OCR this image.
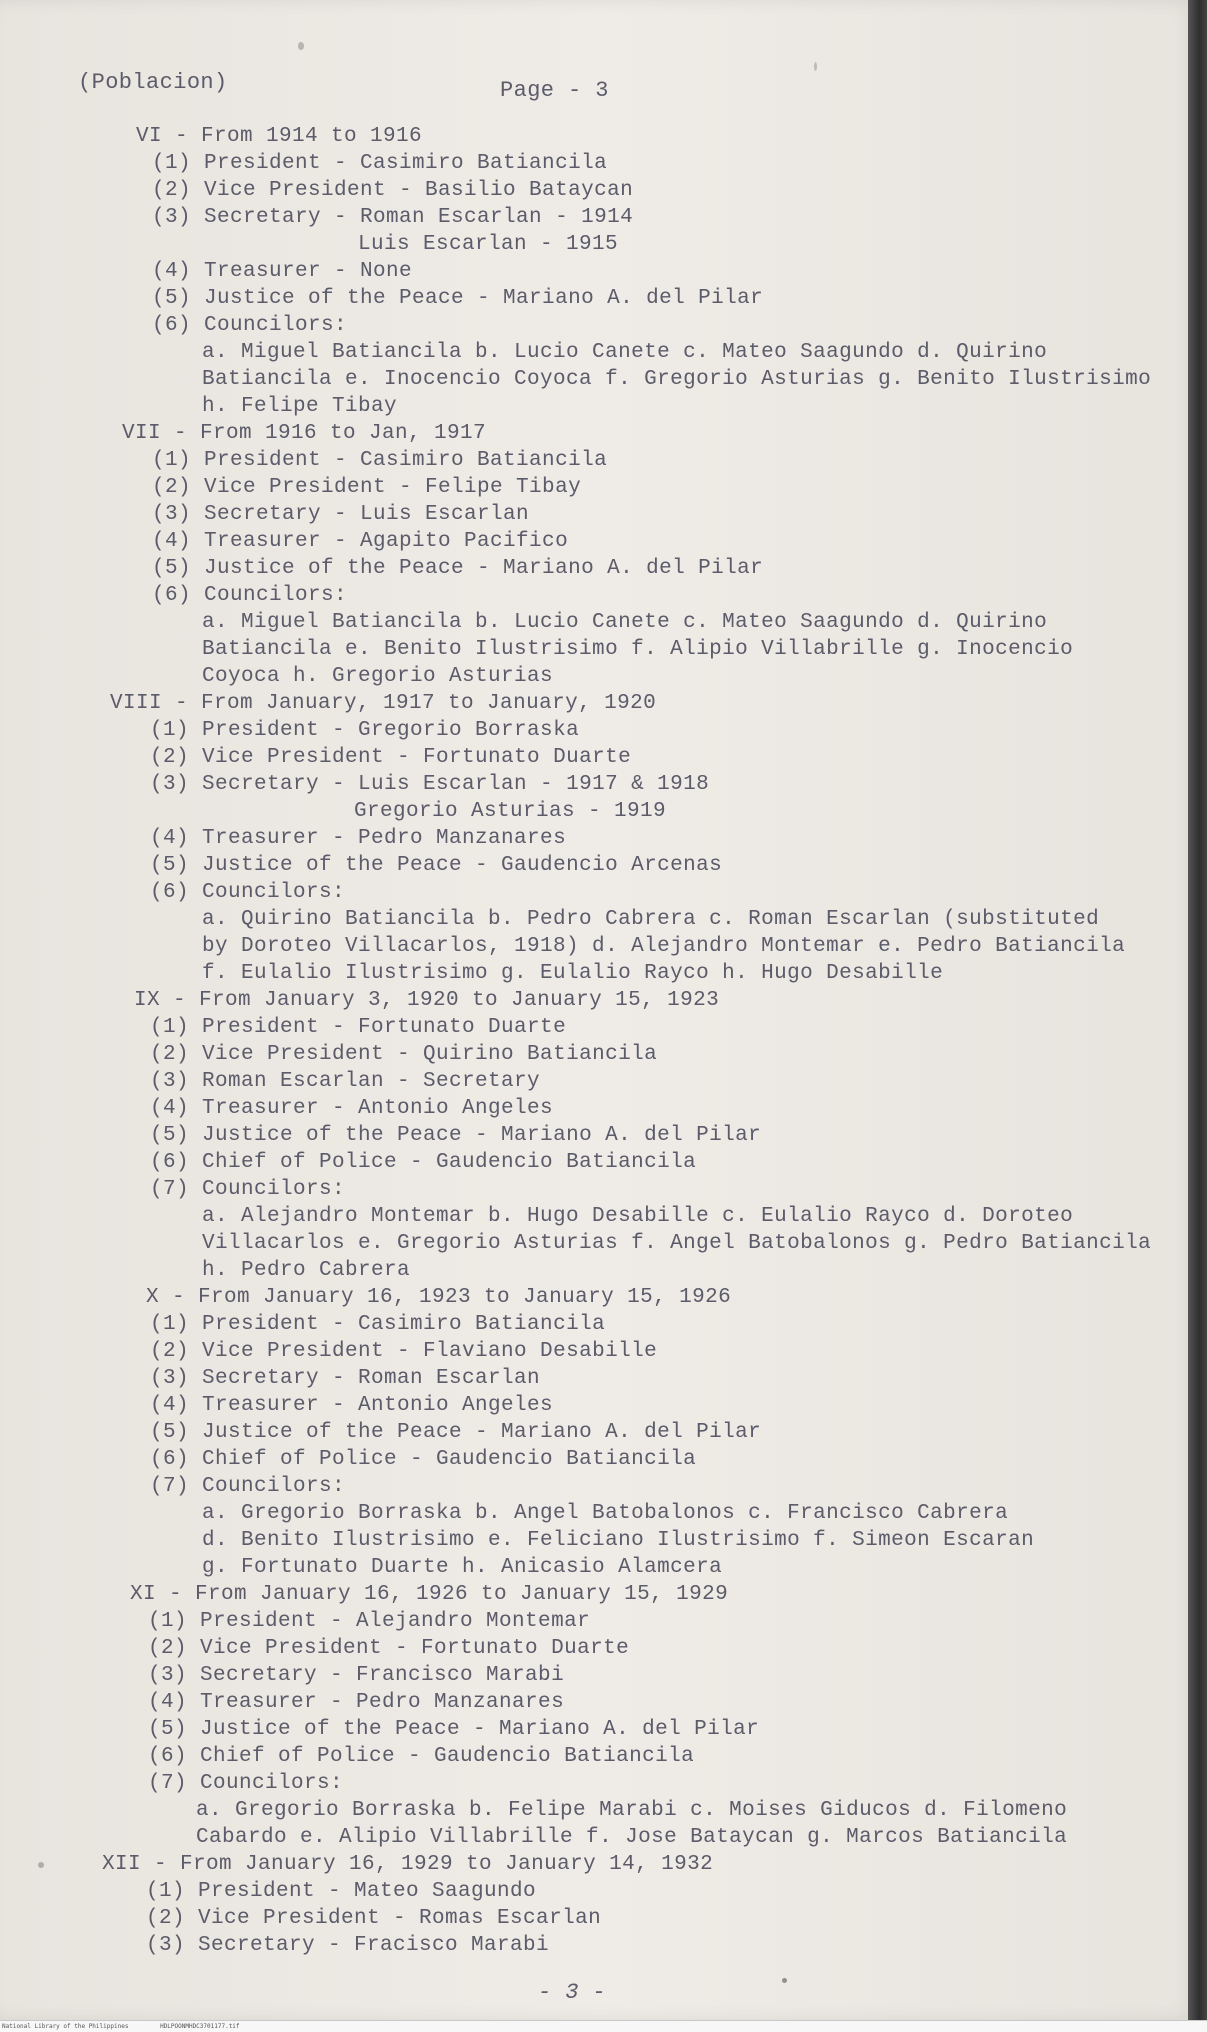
(Poblacion)	Page - 3
VI - From 1914 to 1916
(1) President - Casimiro Batiancila
(2) Vice President - Basilio Bataycan
(3) Secretary - Roman Escarlan - 1914
Luis Escarlan - 1915
(4) Treasurer - None
(5) Justice of the Peace - Mariano A. del Pilar
(6) Councilors:
a. Miguel Batiancila b. Lucio Canete c. Mateo Saagundo d. Quirino
Batiancila e. Inocencio Coyoca f. Gregorio Asturias g. Benito Ilustrisimo
h. Felipe Tibay
VII - From 1916 to Jan, 1917
(1) President - Casimiro Batiancila
(2) Vice President - Felipe Tibay
(3) Secretary - Luis Escarlan
(4) Treasurer - Agapito Pacifico
(5) Justice of the Peace - Mariano A. del Pilar
(6) Councilors:
a. Miguel Batiancila b. Lucio Canete c. Mateo Saagundo d. Quirino
Batiancila e. Benito Ilustrisimo f. Alipio Villabrille g. Inocencio
Coyoca h. Gregorio Asturias
VIII - From January, 1917 to January, 1920
(1) President - Gregorio Borraska
(2) Vice President - Fortunato Duarte
(3) Secretary - Luis Escarlan - 1917 & 1918
Gregorio Asturias - 1919
(4) Treasurer - Pedro Manzanares
(5) Justice of the Peace - Gaudencio Arcenas
(6) Councilors:
a. Quirino Batiancila b. Pedro Cabrera c. Roman Escarlan (substituted
by Doroteo Villacarlos, 1918) d. Alejandro Montemar e. Pedro Batiancila
f. Eulalio Ilustrisimo g. Eulalio Rayco h. Hugo Desabille
IX - From January 3, 1920 to January 15, 1923
(1) President - Fortunato Duarte
(2) Vice President - Quirino Batiancila
(3) Roman Escarlan - Secretary
(4) Treasurer - Antonio Angeles
(5) Justice of the Peace - Mariano A. del Pilar
(6) Chief of Police - Gaudencio Batiancila
(7) Councilors:
a. Alejandro Montemar b. Hugo Desabille c. Eulalio Rayco d. Doroteo
Villacarlos e. Gregorio Asturias f. Angel Batobalonos g. Pedro Batiancila
h. Pedro Cabrera
X - From January 16, 1923 to January 15, 1926
(1) President - Casimiro Batiancila
(2) Vice President - Flaviano Desabille
(3) Secretary - Roman Escarlan
(4) Treasurer - Antonio Angeles
(5) Justice of the Peace - Mariano A. del Pilar
(6) Chief of Police - Gaudencio Batiancila
(7) Councilors:
a. Gregorio Borraska b. Angel Batobalonos c. Francisco Cabrera
d. Benito Ilustrisimo e. Feliciano Ilustrisimo f. Simeon Escaran
g. Fortunato Duarte h. Anicasio Alamcera
XI - From January 16, 1926 to January 15, 1929
(1) President - Alejandro Montemar
(2) Vice President - Fortunato Duarte
(3) Secretary - Francisco Marabi
(4) Treasurer - Pedro Manzanares
(5) Justice of the Peace - Mariano A. del Pilar
(6) Chief of Police - Gaudencio Batiancila
(7) Councilors:
a. Gregorio Borraska b. Felipe Marabi c. Moises Giducos d. Filomeno
Cabardo e. Alipio Villabrille f. Jose Bataycan g. Marcos Batiancila
XII - From January 16, 1929 to January 14, 1932
(1) President - Mateo Saagundo
(2) Vice President - Romas Escarlan
(3) Secretary - Fracisco Marabi
- 3 -
National Library of the Philippines	HDLPOONMHDC3701177.tif
